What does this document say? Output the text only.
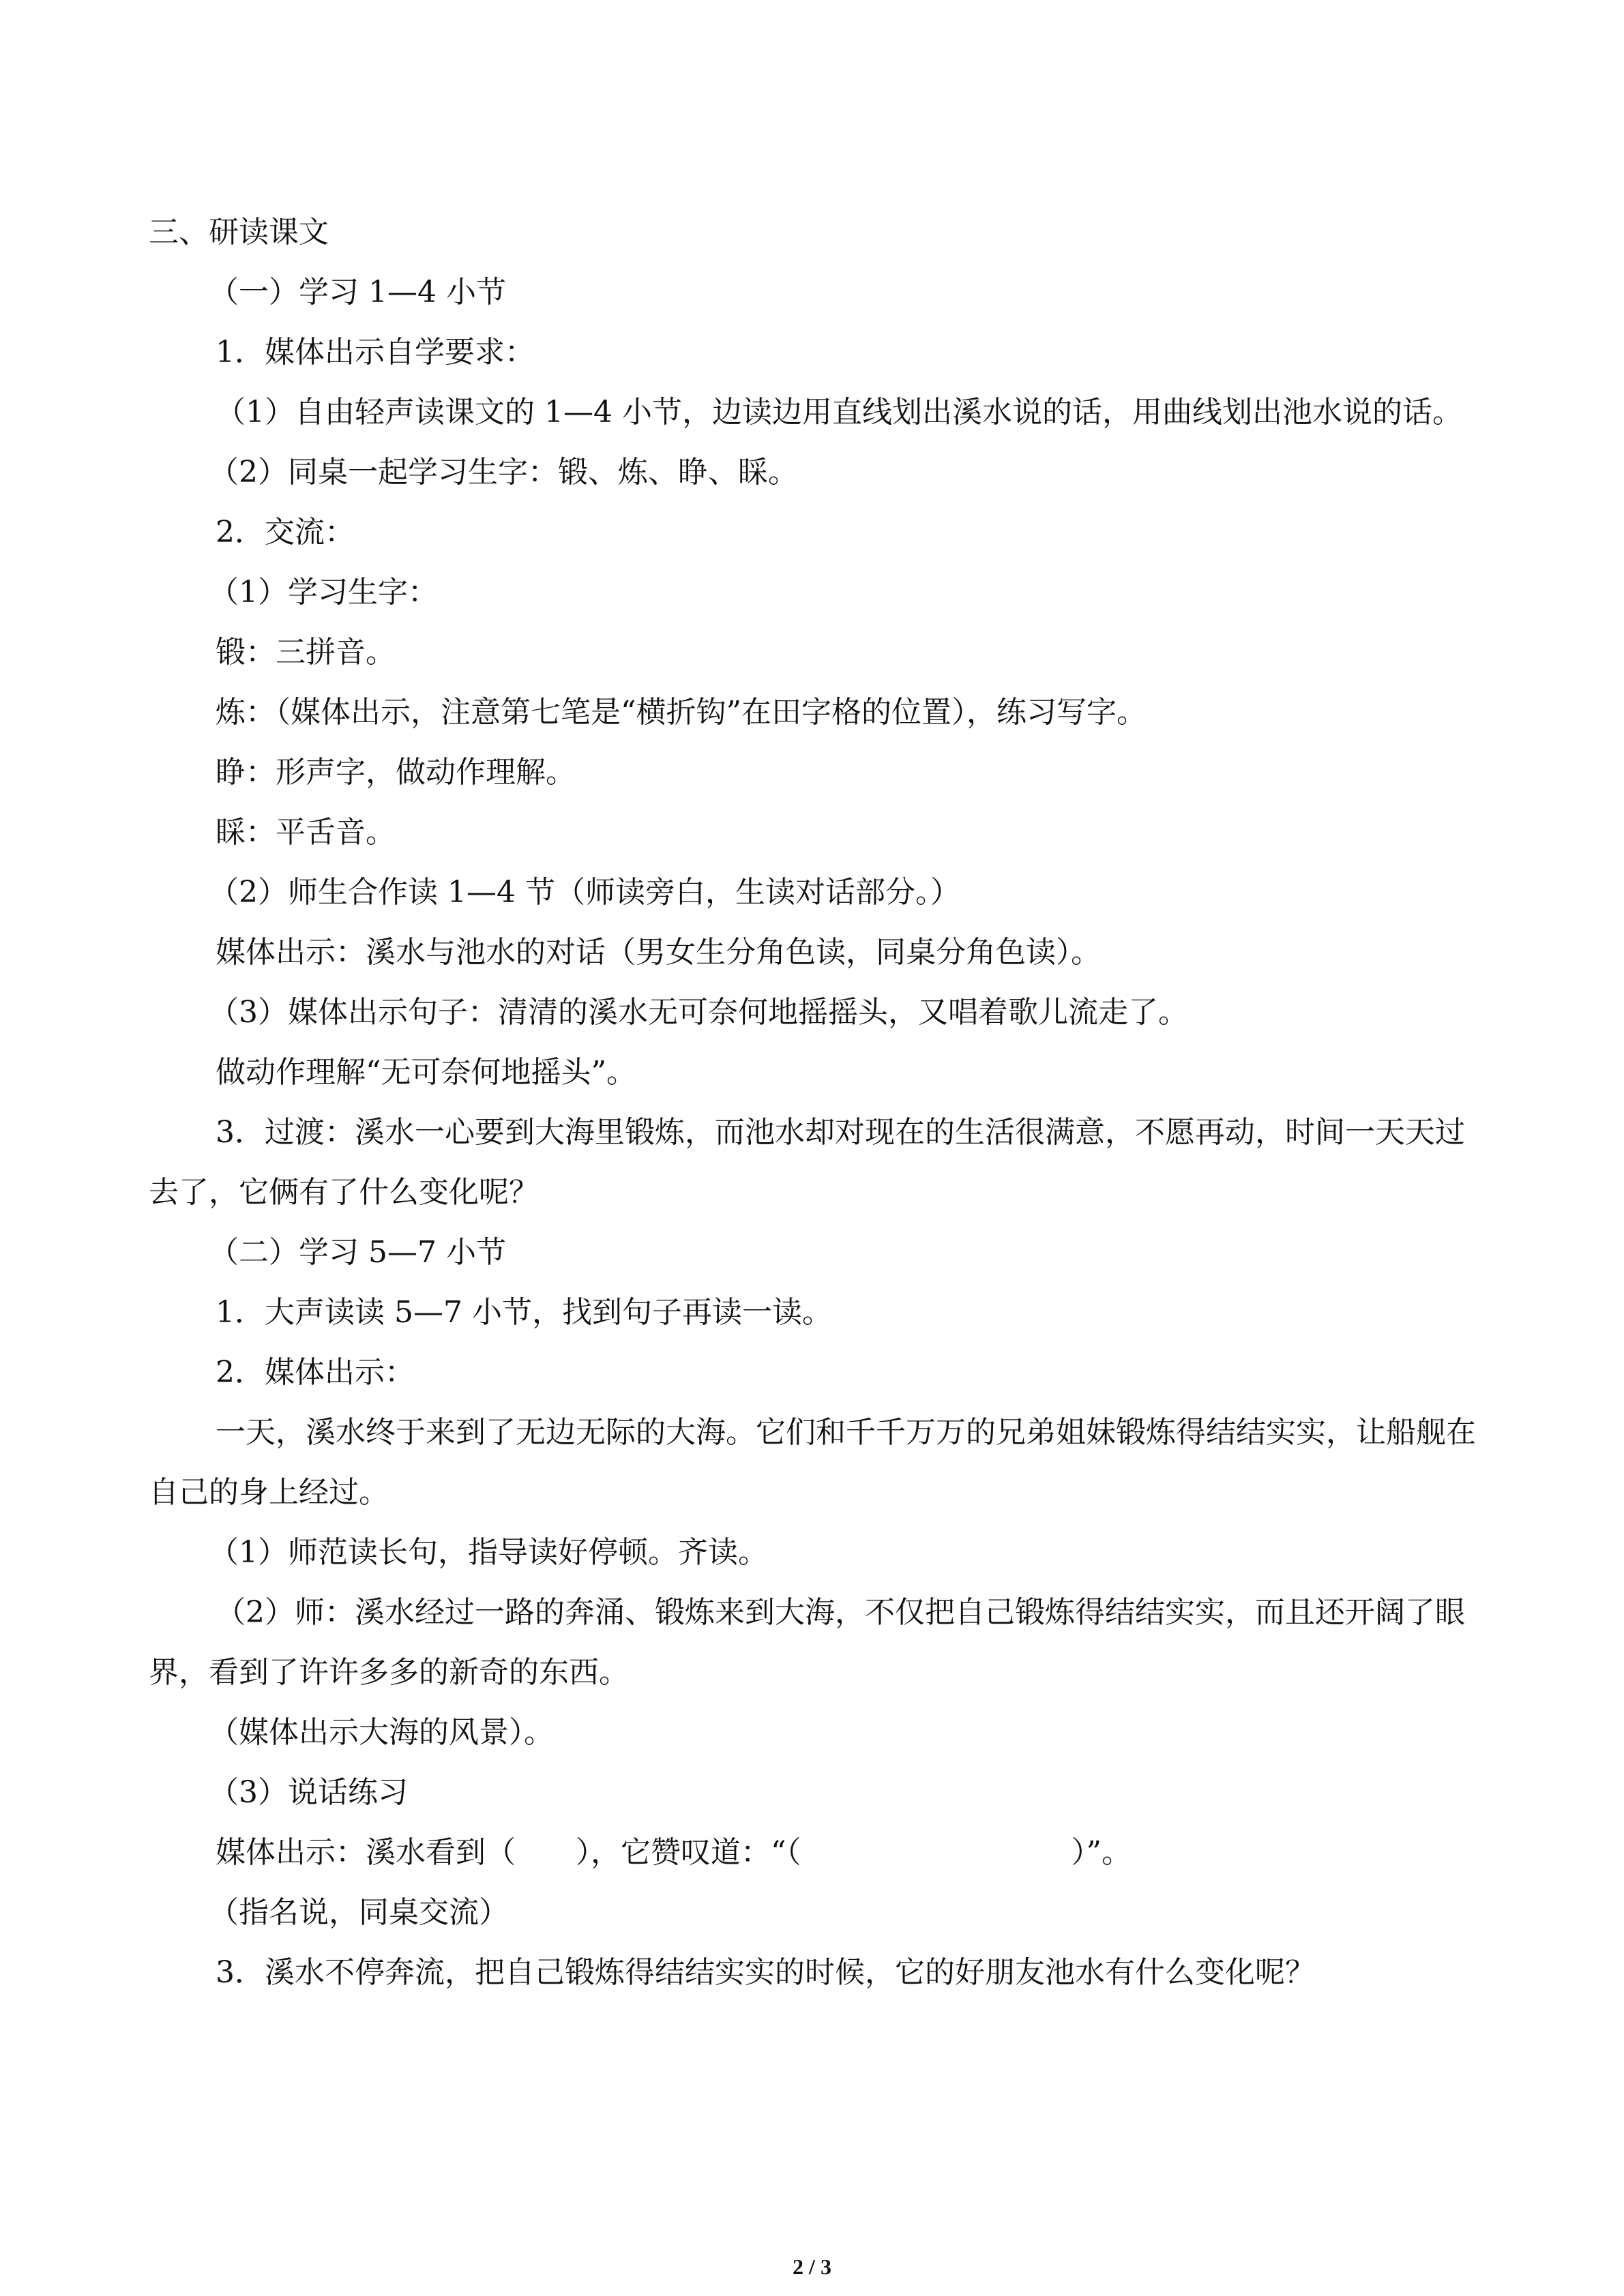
三、研读课文

（一）学习 1—4 小节

1．媒体出示自学要求：

（1）自由轻声读课文的 1—4 小节，边读边用直线划出溪水说的话，用曲线划出池水说的话。

（2）同桌一起学习生字：锻、炼、睁、睬。

2．交流：

（1）学习生字：

锻：三拼音。

炼：（媒体出示，注意第七笔是“横折钩”在田字格的位置），练习写字。

睁：形声字，做动作理解。

睬：平舌音。

（2）师生合作读 1—4 节（师读旁白，生读对话部分。）

媒体出示：溪水与池水的对话（男女生分角色读，同桌分角色读）。

（3）媒体出示句子：清清的溪水无可奈何地摇摇头，又唱着歌儿流走了。

做动作理解“无可奈何地摇头”。

3．过渡：溪水一心要到大海里锻炼，而池水却对现在的生活很满意，不愿再动，时间一天天过去了，它俩有了什么变化呢？

（二）学习 5—7 小节

1．大声读读 5—7 小节，找到句子再读一读。

2．媒体出示：

一天，溪水终于来到了无边无际的大海。它们和千千万万的兄弟姐妹锻炼得结结实实，让船舰在自己的身上经过。

（1）师范读长句，指导读好停顿。齐读。

（2）师：溪水经过一路的奔涌、锻炼来到大海，不仅把自己锻炼得结结实实，而且还开阔了眼界，看到了许许多多的新奇的东西。

（媒体出示大海的风景）。

（3）说话练习

媒体出示：溪水看到（　　），它赞叹道：“（　　　　　　　　　）”。

（指名说，同桌交流）

3．溪水不停奔流，把自己锻炼得结结实实的时候，它的好朋友池水有什么变化呢？

2 / 3
